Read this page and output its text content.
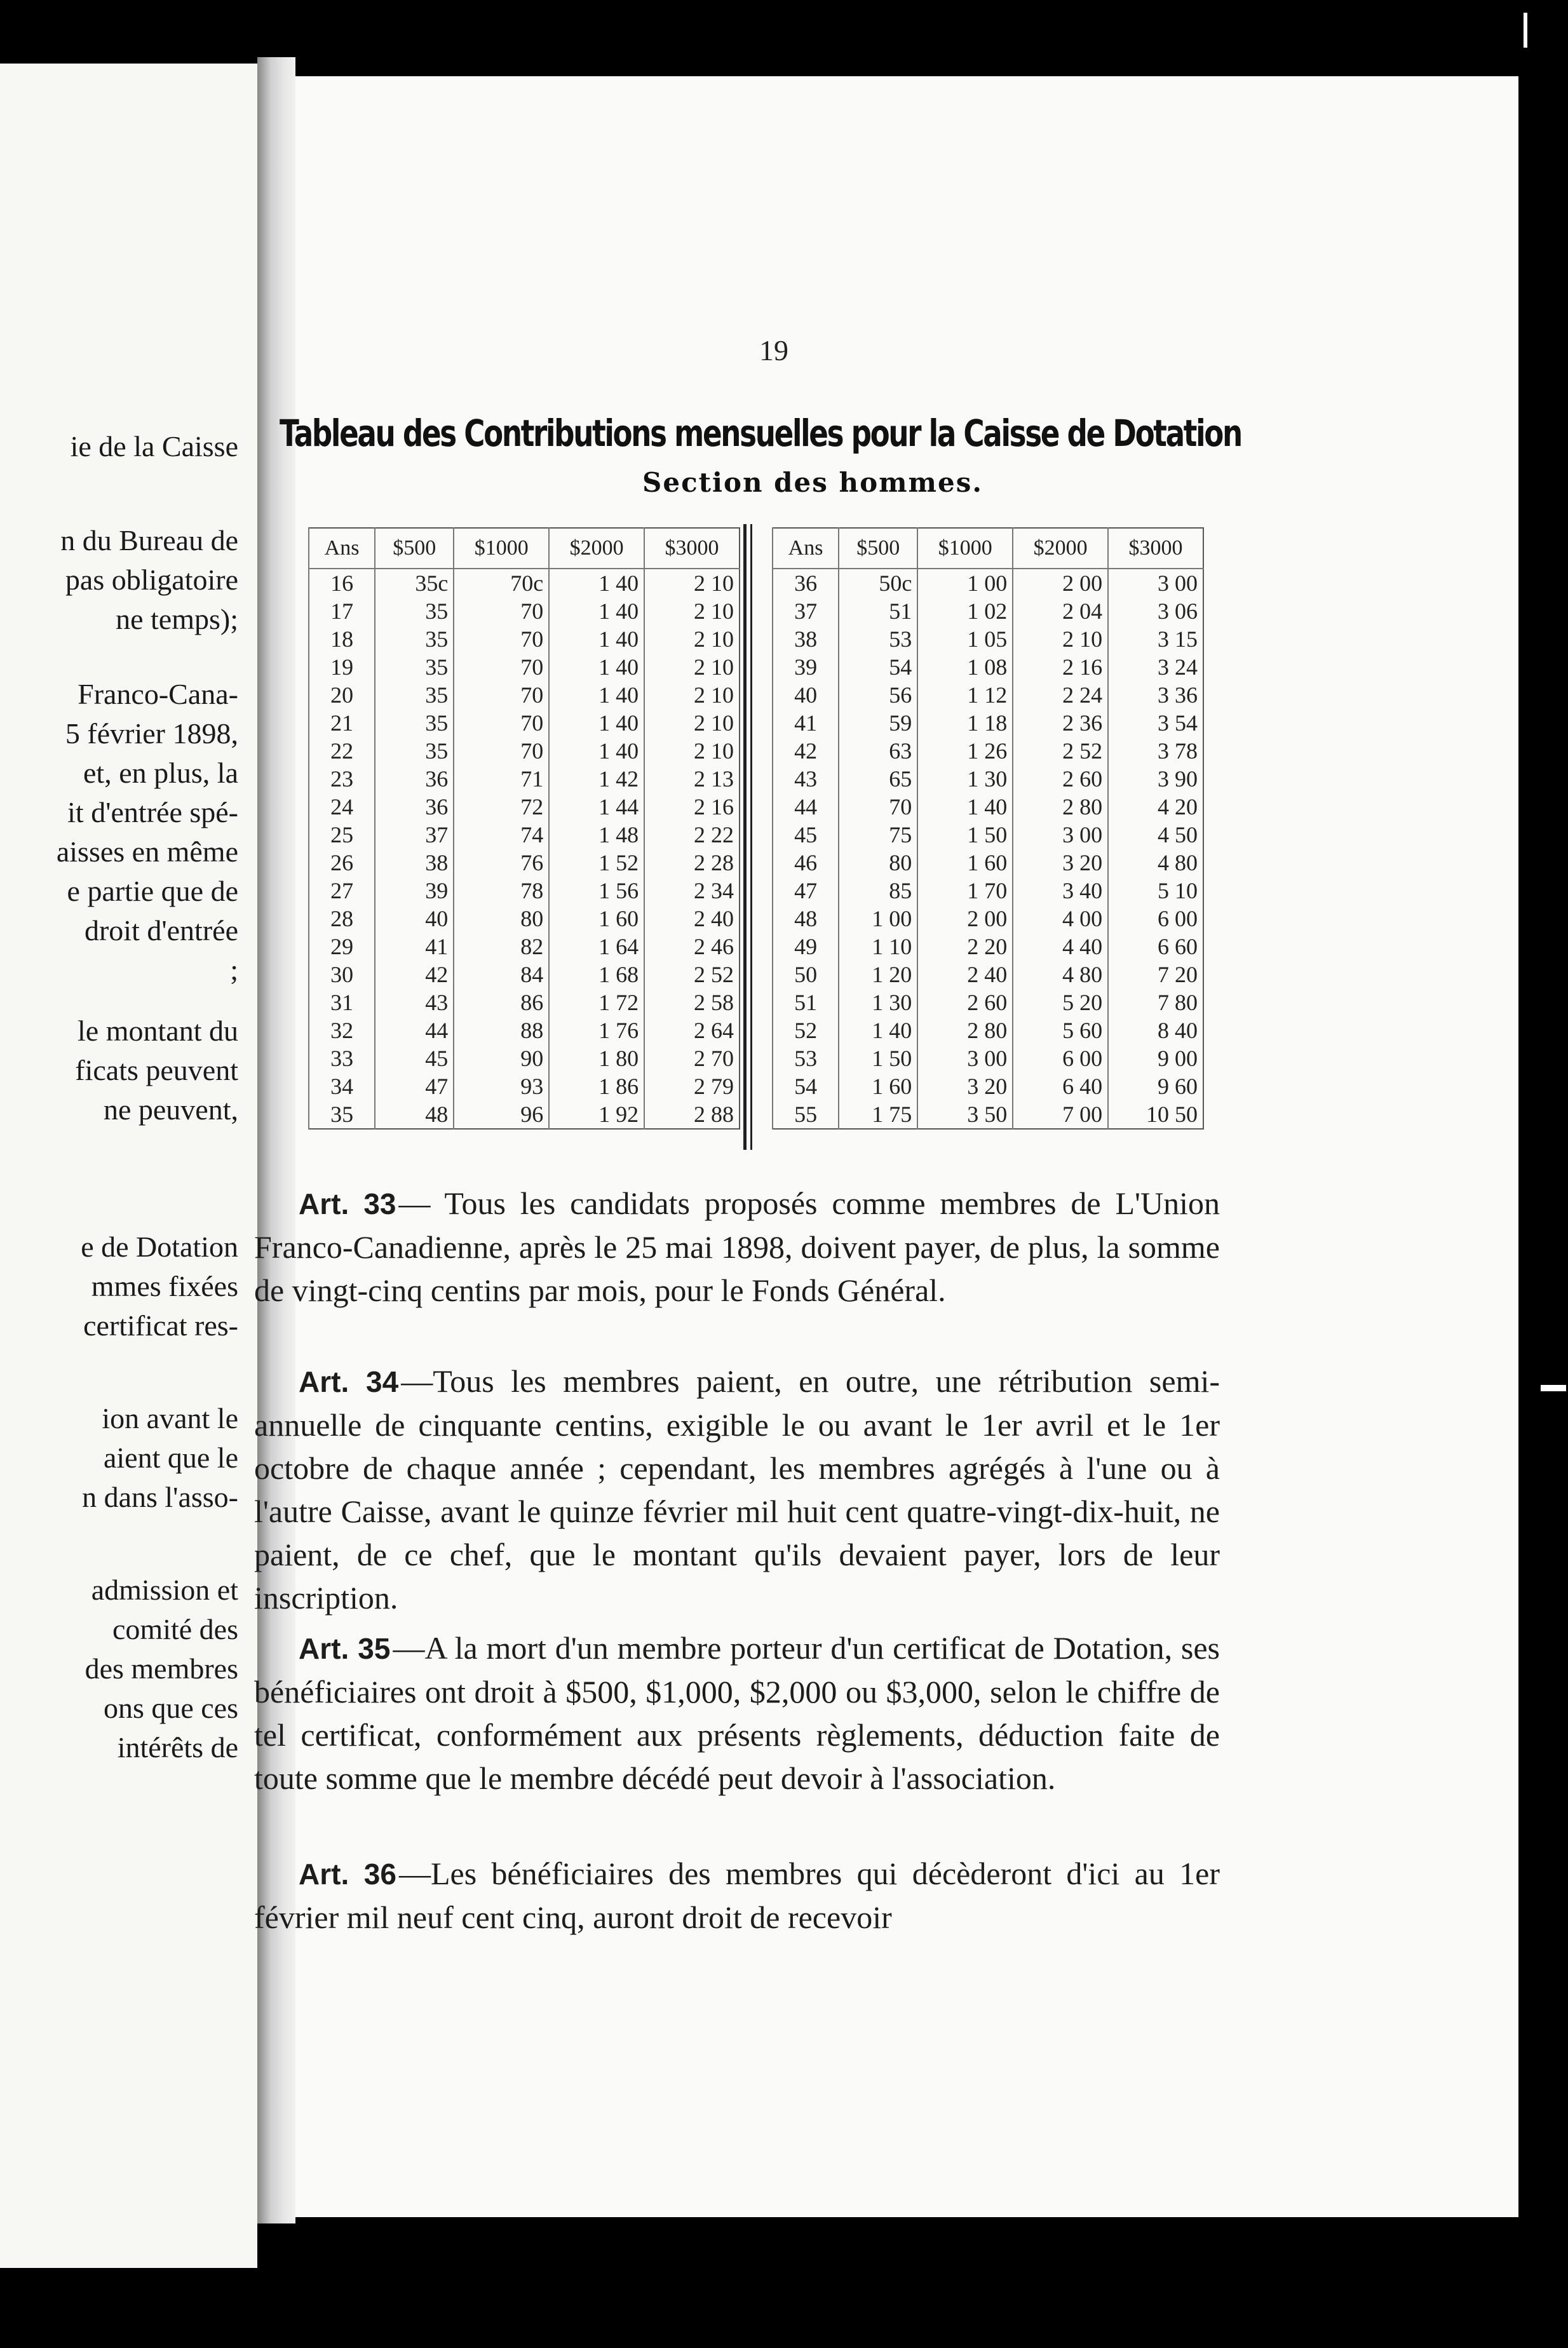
ie de la Caisse
n du Bureau de
pas obligatoire
ne temps);
Franco-Cana-
5 février 1898,
et, en plus, la
it d'entrée spé-
aisses en même
e partie que de
droit d'entrée
;
le montant du
ficats peuvent
ne peuvent,
e de Dotation
mmes fixées
certificat res-
ion avant le
aient que le
n dans l'asso-
admission et
comité des
des membres
ons que ces
intérêts de
19
Tableau des Contributions mensuelles pour la Caisse de Dotation
Section des hommes.
Ans	$500	$1000	$2000	$3000
16	35c	70c	1 40	2 10
17	35	70	1 40	2 10
18	35	70	1 40	2 10
19	35	70	1 40	2 10
20	35	70	1 40	2 10
21	35	70	1 40	2 10
22	35	70	1 40	2 10
23	36	71	1 42	2 13
24	36	72	1 44	2 16
25	37	74	1 48	2 22
26	38	76	1 52	2 28
27	39	78	1 56	2 34
28	40	80	1 60	2 40
29	41	82	1 64	2 46
30	42	84	1 68	2 52
31	43	86	1 72	2 58
32	44	88	1 76	2 64
33	45	90	1 80	2 70
34	47	93	1 86	2 79
35	48	96	1 92	2 88
Ans	$500	$1000	$2000	$3000
36	50c	1 00	2 00	3 00
37	51	1 02	2 04	3 06
38	53	1 05	2 10	3 15
39	54	1 08	2 16	3 24
40	56	1 12	2 24	3 36
41	59	1 18	2 36	3 54
42	63	1 26	2 52	3 78
43	65	1 30	2 60	3 90
44	70	1 40	2 80	4 20
45	75	1 50	3 00	4 50
46	80	1 60	3 20	4 80
47	85	1 70	3 40	5 10
48	1 00	2 00	4 00	6 00
49	1 10	2 20	4 40	6 60
50	1 20	2 40	4 80	7 20
51	1 30	2 60	5 20	7 80
52	1 40	2 80	5 60	8 40
53	1 50	3 00	6 00	9 00
54	1 60	3 20	6 40	9 60
55	1 75	3 50	7 00	10 50
Art. 33— Tous les candidats proposés comme membres de L'Union Franco-Canadienne, après le 25 mai 1898, doivent payer, de plus, la somme de vingt-cinq centins par mois, pour le Fonds Général.
Art. 34—Tous les membres paient, en outre, une rétribution semi-annuelle de cinquante centins, exigible le ou avant le 1er avril et le 1er octobre de chaque année ; cependant, les membres agrégés à l'une ou à l'autre Caisse, avant le quinze février mil huit cent quatre-vingt-dix-huit, ne paient, de ce chef, que le montant qu'ils devaient payer, lors de leur inscription.
Art. 35—A la mort d'un membre porteur d'un certificat de Dotation, ses bénéficiaires ont droit à $500, $1,000, $2,000 ou $3,000, selon le chiffre de tel certificat, conformément aux présents règlements, déduction faite de toute somme que le membre décédé peut devoir à l'association.
Art. 36—Les bénéficiaires des membres qui décèderont d'ici au 1er février mil neuf cent cinq, auront droit de recevoir
